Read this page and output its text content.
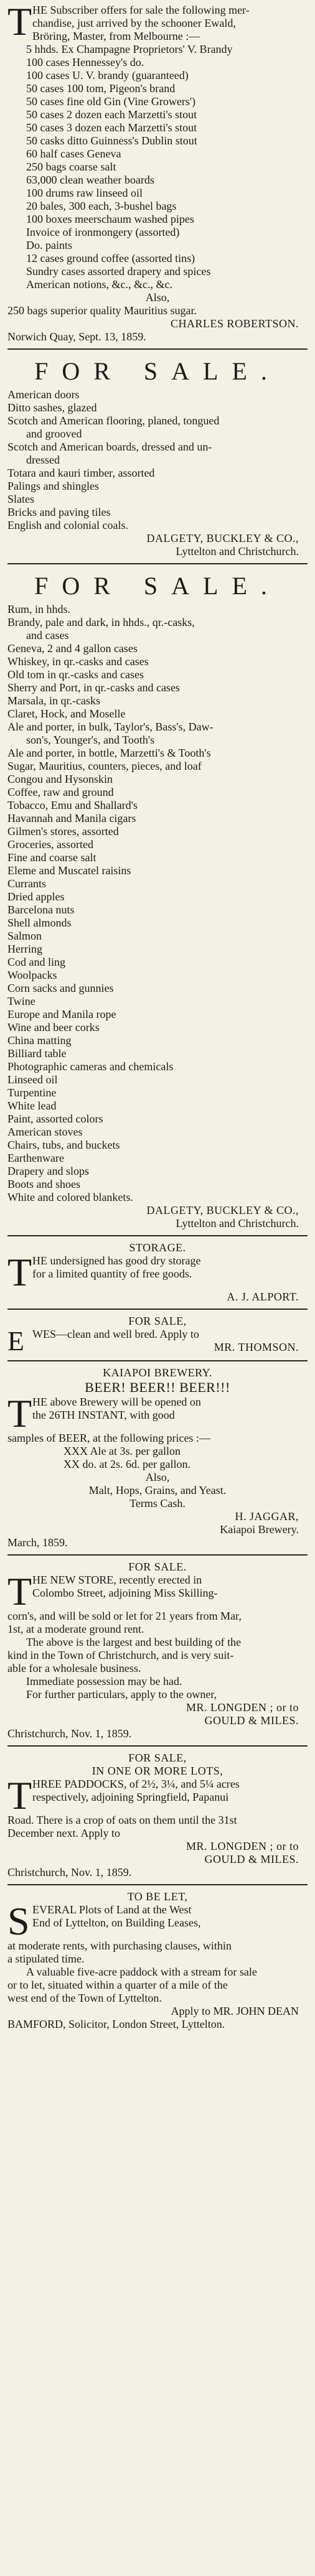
T HE Subscriber offers for sale the following mer-
chandise, just arrived by the schooner Ewald,
Bröring, Master, from Melbourne :—
5 hhds. Ex Champagne Proprietors' V. Brandy
100 cases Hennessey's do.
100 cases U. V. brandy (guaranteed)
50 cases 100 tom, Pigeon's brand
50 cases fine old Gin (Vine Growers')
50 cases 2 dozen each Marzetti's stout
50 cases 3 dozen each Marzetti's stout
50 casks ditto Guinness's Dublin stout
60 half cases Geneva
250 bags coarse salt
63,000 clean weather boards
100 drums raw linseed oil
20 bales, 300 each, 3-bushel bags
100 boxes meerschaum washed pipes
Invoice of ironmongery (assorted)
Do. paints
12 cases ground coffee (assorted tins)
Sundry cases assorted drapery and spices
American notions, &c., &c., &c.
Also,
250 bags superior quality Mauritius sugar.
CHARLES ROBERTSON.
Norwich Quay, Sept. 13, 1859.
FOR SALE.
American doors
Ditto sashes, glazed
Scotch and American flooring, planed, tongued
and grooved
Scotch and American boards, dressed and un-
dressed
Totara and kauri timber, assorted
Palings and shingles
Slates
Bricks and paving tiles
English and colonial coals.
DALGETY, BUCKLEY & CO.,
Lyttelton and Christchurch.
FOR SALE.
Rum, in hhds.
Brandy, pale and dark, in hhds., qr.-casks,
and cases
Geneva, 2 and 4 gallon cases
Whiskey, in qr.-casks and cases
Old tom in qr.-casks and cases
Sherry and Port, in qr.-casks and cases
Marsala, in qr.-casks
Claret, Hock, and Moselle
Ale and porter, in bulk, Taylor's, Bass's, Daw-
son's, Younger's, and Tooth's
Ale and porter, in bottle, Marzetti's & Tooth's
Sugar, Mauritius, counters, pieces, and loaf
Congou and Hysonskin
Coffee, raw and ground
Tobacco, Emu and Shallard's
Havannah and Manila cigars
Gilmen's stores, assorted
Groceries, assorted
Fine and coarse salt
Eleme and Muscatel raisins
Currants
Dried apples
Barcelona nuts
Shell almonds
Salmon
Herring
Cod and ling
Woolpacks
Corn sacks and gunnies
Twine
Europe and Manila rope
Wine and beer corks
China matting
Billiard table
Photographic cameras and chemicals
Linseed oil
Turpentine
White lead
Paint, assorted colors
American stoves
Chairs, tubs, and buckets
Earthenware
Drapery and slops
Boots and shoes
White and colored blankets.
DALGETY, BUCKLEY & CO.,
Lyttelton and Christchurch.
STORAGE.
T HE undersigned has good dry storage
for a limited quantity of free goods.
A. J. ALPORT.
FOR SALE,
E WES—clean and well bred. Apply to
MR. THOMSON.
KAIAPOI BREWERY.
BEER! BEER!! BEER!!!
T HE above Brewery will be opened on
the 26TH INSTANT, with good
samples of BEER, at the following prices :—
XXX Ale at 3s. per gallon
XX do. at 2s. 6d. per gallon.
Also,
Malt, Hops, Grains, and Yeast.
Terms Cash.
H. JAGGAR,
Kaiapoi Brewery.
March, 1859.
FOR SALE.
T HE NEW STORE, recently erected in
Colombo Street, adjoining Miss Skilling-
corn's, and will be sold or let for 21 years from Mar,
1st, at a moderate ground rent.
The above is the largest and best building of the
kind in the Town of Christchurch, and is very suit-
able for a wholesale business.
Immediate possession may be had.
For further particulars, apply to the owner,
MR. LONGDEN ; or to
GOULD & MILES.
Christchurch, Nov. 1, 1859.
FOR SALE,
IN ONE OR MORE LOTS,
T HREE PADDOCKS, of 2½, 3¼, and 5¼ acres
respectively, adjoining Springfield, Papanui
Road. There is a crop of oats on them until the 31st
December next. Apply to
MR. LONGDEN ; or to
GOULD & MILES.
Christchurch, Nov. 1, 1859.
TO BE LET,
S EVERAL Plots of Land at the West
End of Lyttelton, on Building Leases,
at moderate rents, with purchasing clauses, within
a stipulated time.
A valuable five-acre paddock with a stream for sale
or to let, situated within a quarter of a mile of the
west end of the Town of Lyttelton.
Apply to MR. JOHN DEAN
BAMFORD, Solicitor, London Street, Lyttelton.
